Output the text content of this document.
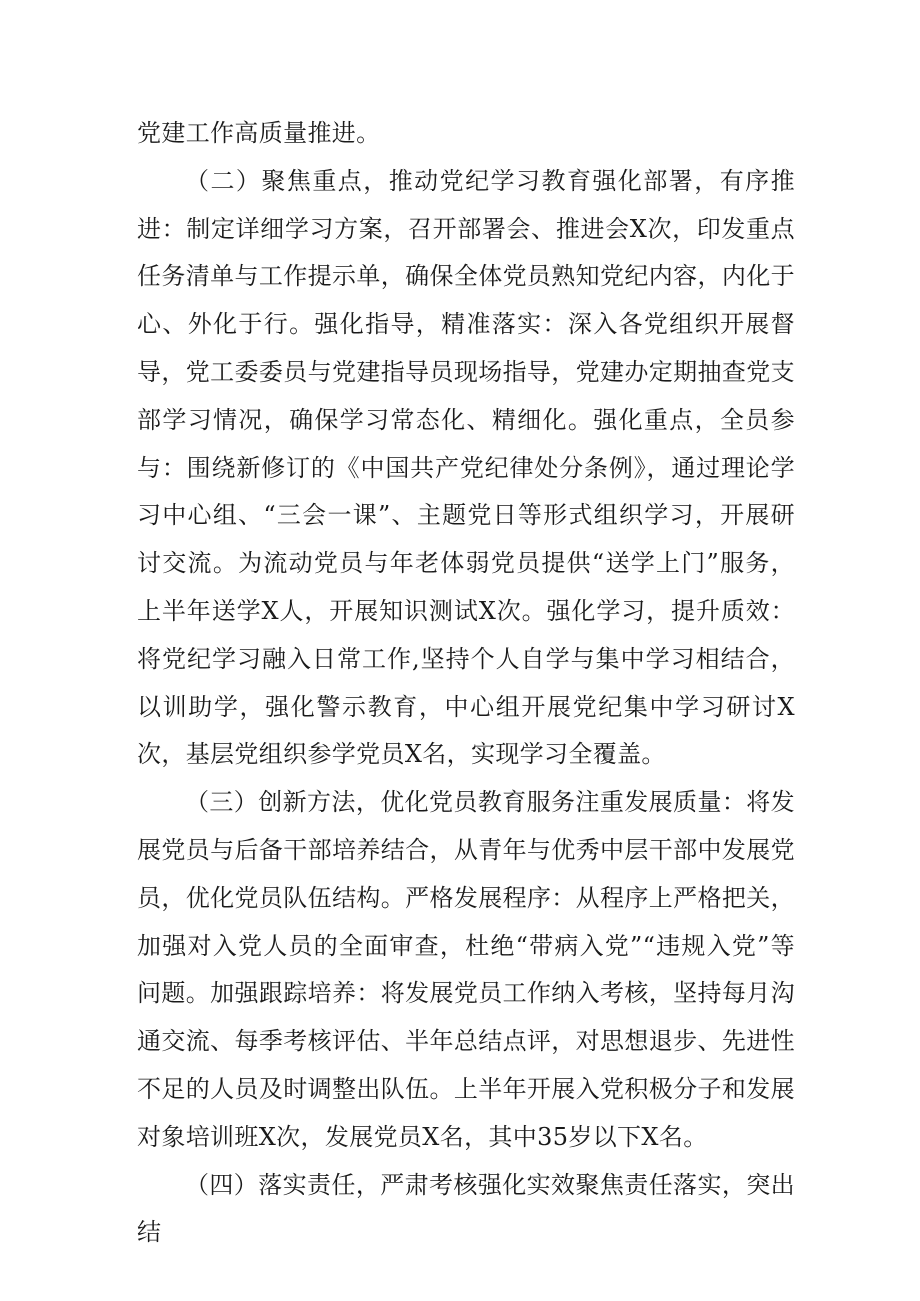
党建工作高质量推进。

（二）聚焦重点，推动党纪学习教育强化部署，有序推进：制定详细学习方案，召开部署会、推进会X次，印发重点任务清单与工作提示单，确保全体党员熟知党纪内容，内化于心、外化于行。强化指导，精准落实：深入各党组织开展督导，党工委委员与党建指导员现场指导，党建办定期抽查党支部学习情况，确保学习常态化、精细化。强化重点，全员参与：围绕新修订的《中国共产党纪律处分条例》，通过理论学习中心组、“三会一课”、主题党日等形式组织学习，开展研讨交流。为流动党员与年老体弱党员提供“送学上门”服务，上半年送学X人，开展知识测试X次。强化学习，提升质效：将党纪学习融入日常工作,坚持个人自学与集中学习相结合，以训助学，强化警示教育，中心组开展党纪集中学习研讨X次，基层党组织参学党员X名，实现学习全覆盖。

（三）创新方法，优化党员教育服务注重发展质量：将发展党员与后备干部培养结合，从青年与优秀中层干部中发展党员，优化党员队伍结构。严格发展程序：从程序上严格把关，加强对入党人员的全面审查，杜绝“带病入党”“违规入党”等问题。加强跟踪培养：将发展党员工作纳入考核，坚持每月沟通交流、每季考核评估、半年总结点评，对思想退步、先进性不足的人员及时调整出队伍。上半年开展入党积极分子和发展对象培训班X次，发展党员X名，其中35岁以下X名。

（四）落实责任，严肃考核强化实效聚焦责任落实，突出结
